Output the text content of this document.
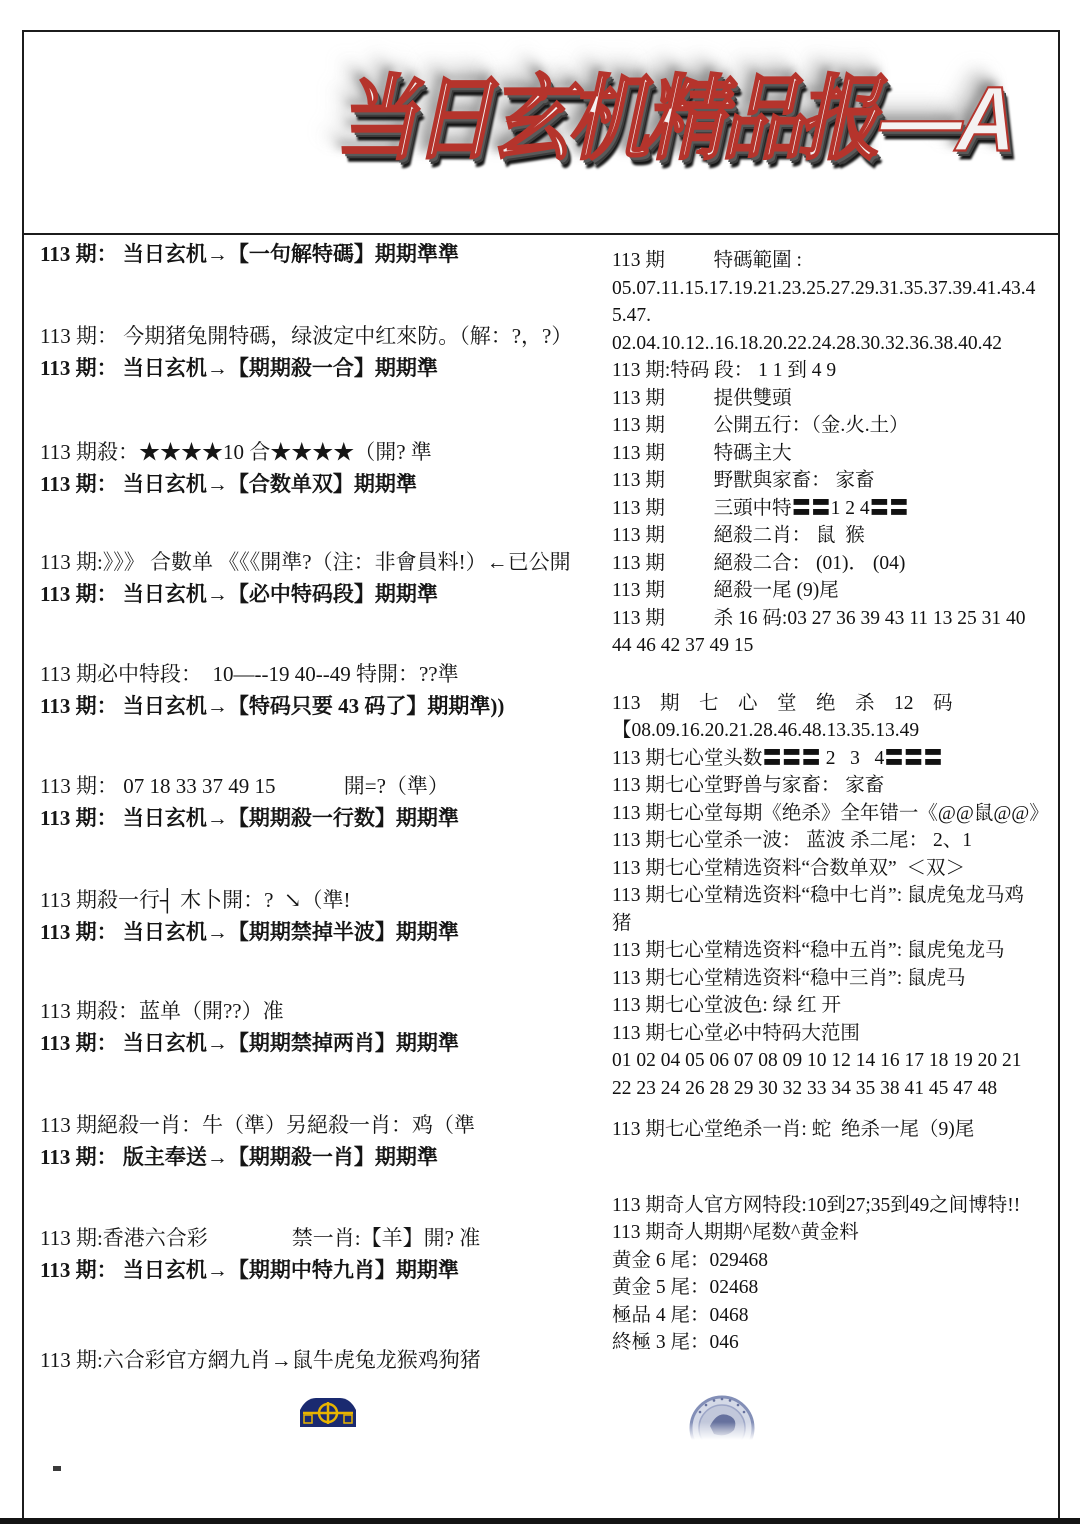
当日玄机精品报—A

113 期： 当日玄机→【一句解特碼】期期準準

113 期： 今期猪兔開特碼，绿波定中红來防。（解：?，?）

113 期： 当日玄机→【期期殺一合】期期準

113 期殺：★★★★10 合★★★★（開? 準

113 期： 当日玄机→【合数单双】期期準

113 期:》》》 合數单 《《《開準?（注：非會員料!）←已公開

113 期： 当日玄机→【必中特码段】期期準

113 期必中特段：  10—--19 40--49 特開：??準

113 期： 当日玄机→【特码只要 43 码了】期期準))

113 期： 07 18 33 37 49 15             開=?（準）

113 期： 当日玄机→【期期殺一行数】期期準

113 期殺一行┤ 木卜開：?  ↘（準!

113 期： 当日玄机→【期期禁掉半波】期期準

113 期殺：蓝单（開??）准

113 期： 当日玄机→【期期禁掉两肖】期期準

113 期絕殺一肖：牛（準）另絕殺一肖：鸡（準

113 期： 版主奉送→【期期殺一肖】期期準

113 期:香港六合彩                禁一肖:【羊】開? 准

113 期： 当日玄机→【期期中特九肖】期期準

113 期:六合彩官方網九肖→鼠牛虎兔龙猴鸡狗猪

113 期          特碼範圍 :

05.07.11.15.17.19.21.23.25.27.29.31.35.37.39.41.43.4

5.47.

02.04.10.12..16.18.20.22.24.28.30.32.36.38.40.42

113 期:特码 段： 1 1 到 4 9

113 期          提供雙頭

113 期          公開五行：（金.火.土）

113 期          特碼主大

113 期          野獸與家畜： 家畜

113 期          三頭中特〓〓1 2 4〓〓

113 期          絕殺二肖： 鼠  猴

113 期          絕殺二合： (01)． (04)

113 期          絕殺一尾 (9)尾

113 期          杀 16 码:03 27 36 39 43 11 13 25 31 40

44 46 42 37 49 15

113    期    七    心    堂    绝    杀    12    码

【08.09.16.20.21.28.46.48.13.35.13.49

113 期七心堂头数〓〓〓 2   3   4〓〓〓

113 期七心堂野兽与家畜： 家畜

113 期七心堂每期《绝杀》全年错一《@@鼠@@》

113 期七心堂杀一波： 蓝波 杀二尾： 2、1

113 期七心堂精选资料“合数单双”  ＜双＞

113 期七心堂精选资料“稳中七肖”: 鼠虎兔龙马鸡

猪

113 期七心堂精选资料“稳中五肖”: 鼠虎兔龙马

113 期七心堂精选资料“稳中三肖”: 鼠虎马

113 期七心堂波色: 绿 红 开

113 期七心堂必中特码大范围

01 02 04 05 06 07 08 09 10 12 14 16 17 18 19 20 21

22 23 24 26 28 29 30 32 33 34 35 38 41 45 47 48

113 期七心堂绝杀一肖: 蛇  绝杀一尾（9)尾

113 期奇人官方网特段:10到27;35到49之间博特!!

113 期奇人期期^尾数^黄金料

黄金 6 尾：029468

黄金 5 尾：02468

極品 4 尾：0468

終極 3 尾：046
